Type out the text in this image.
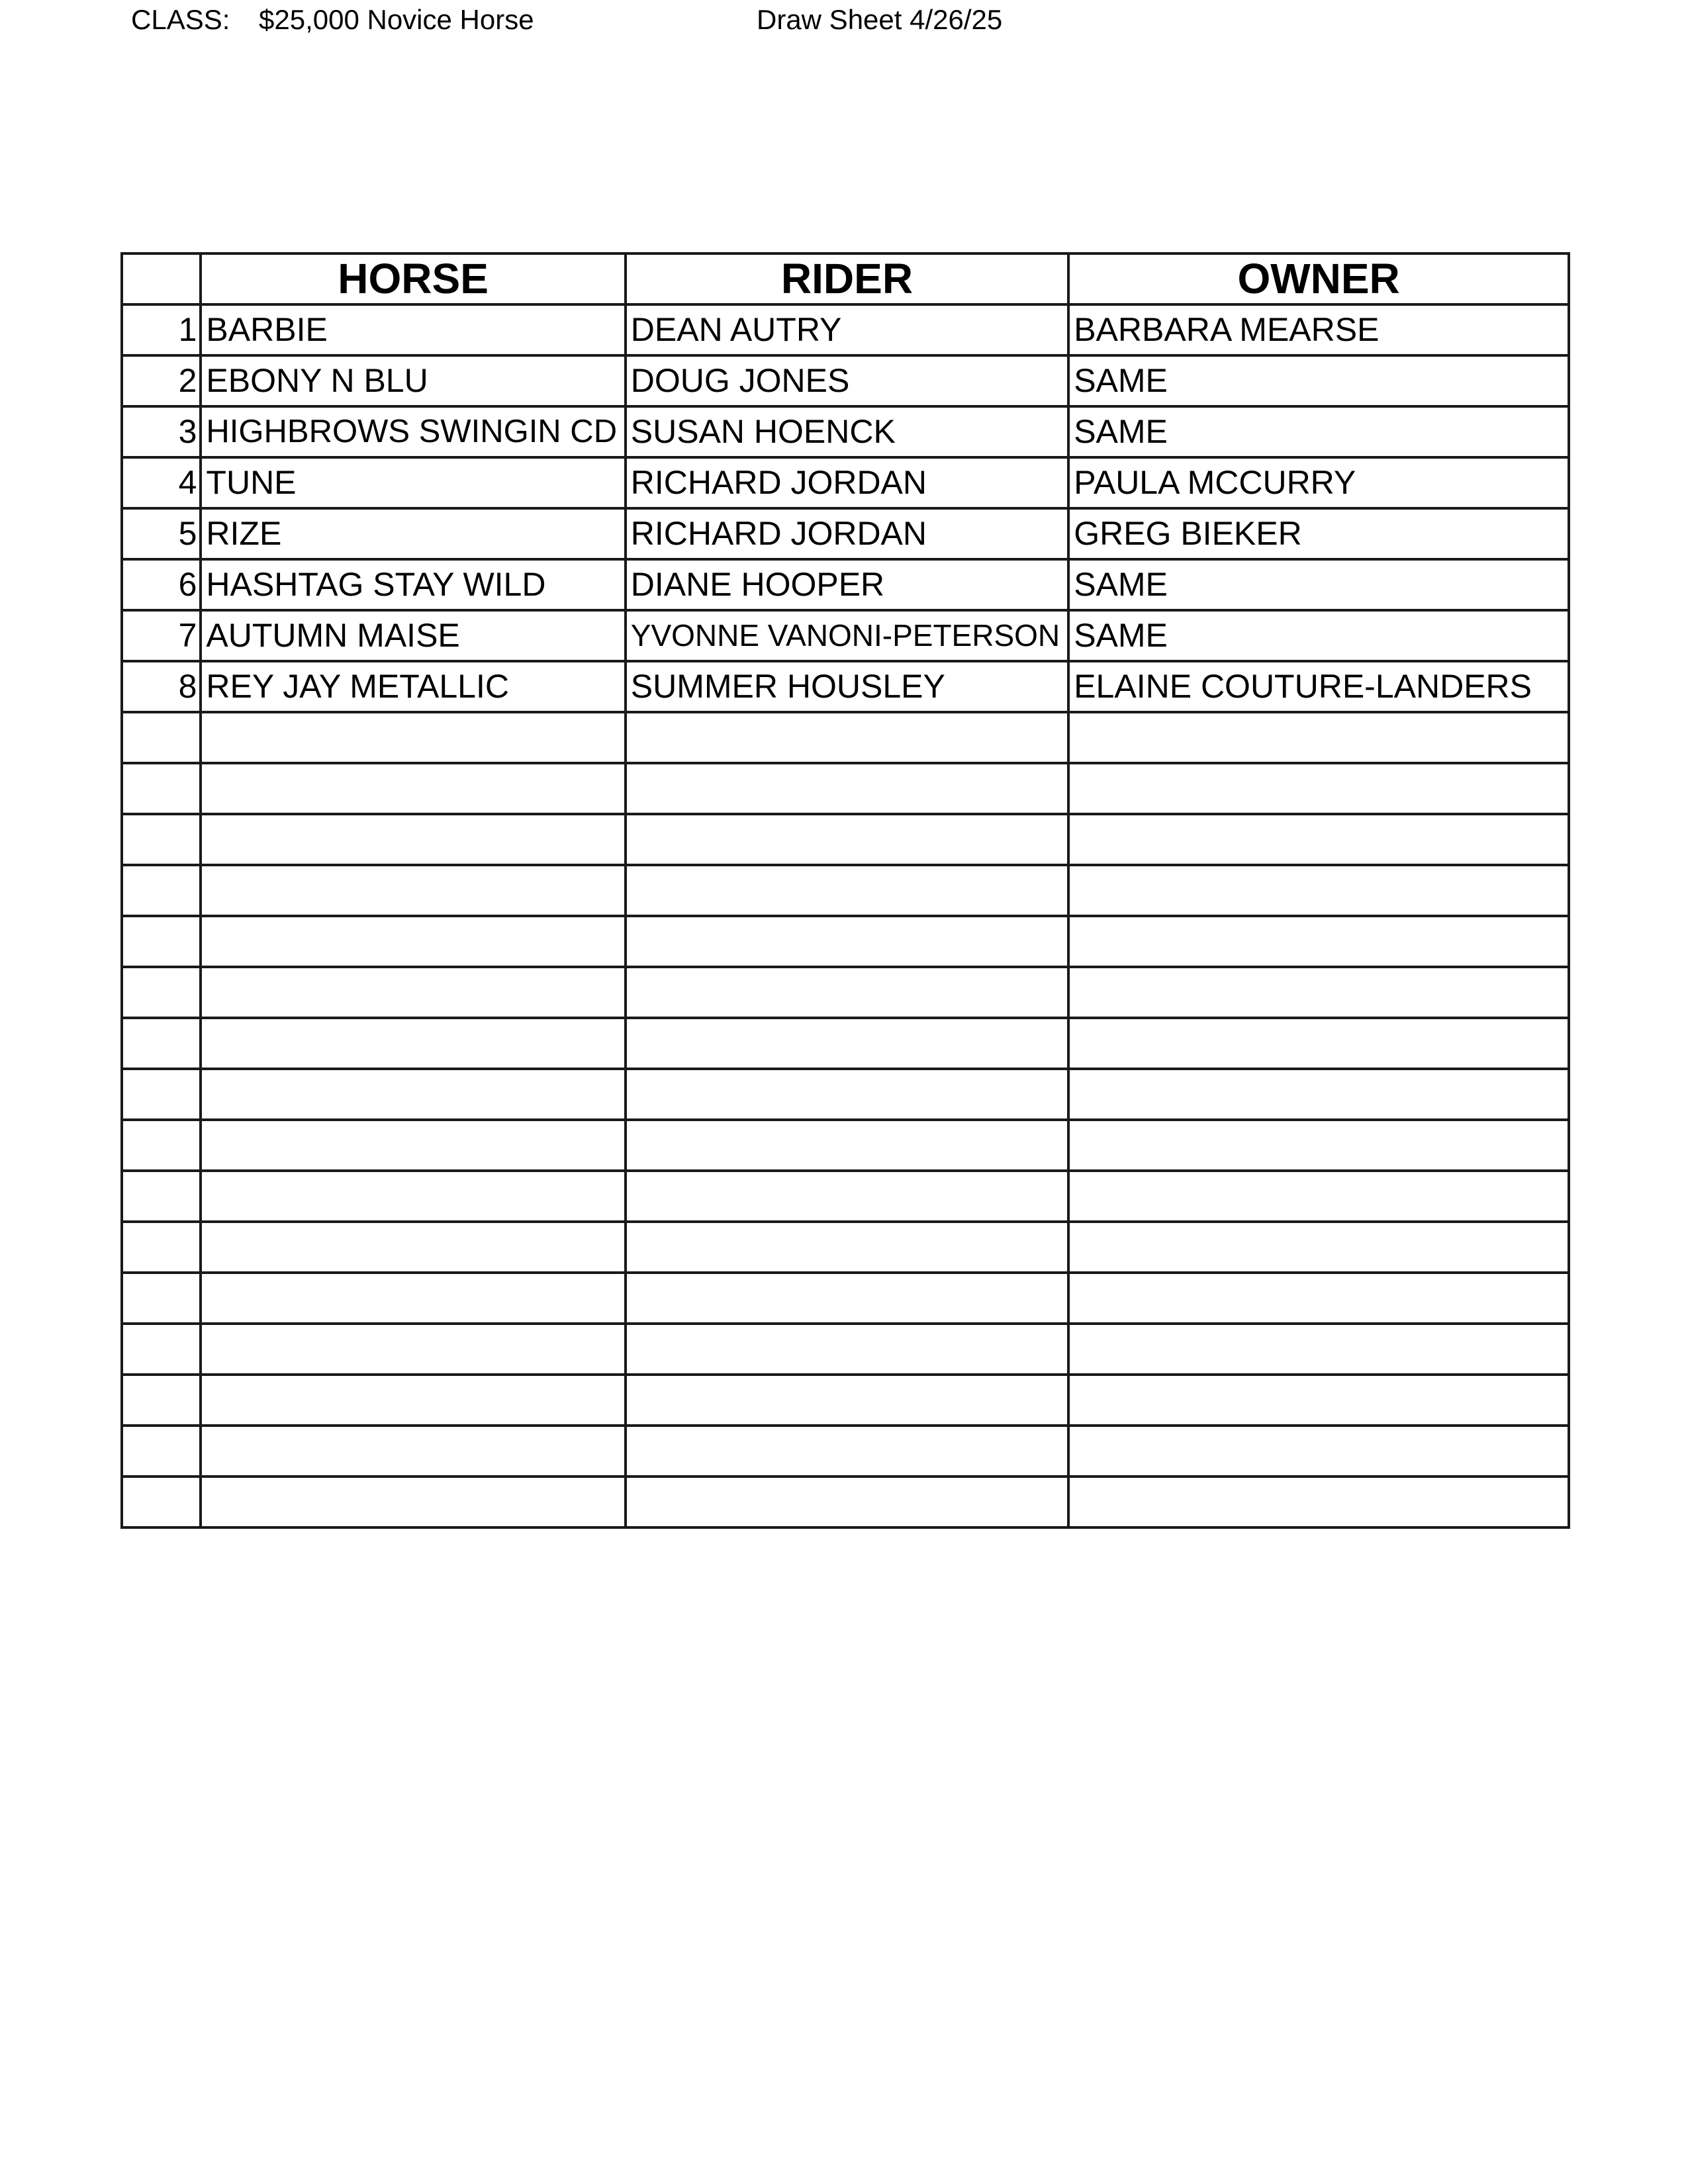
CLASS: $25,000 Novice Horse	Draw Sheet 4/26/25
	HORSE	RIDER	OWNER
1	BARBIE	DEAN AUTRY	BARBARA MEARSE
2	EBONY N BLU	DOUG JONES	SAME
3	HIGHBROWS SWINGIN CD	SUSAN HOENCK	SAME
4	TUNE	RICHARD JORDAN	PAULA MCCURRY
5	RIZE	RICHARD JORDAN	GREG BIEKER
6	HASHTAG STAY WILD	DIANE HOOPER	SAME
7	AUTUMN MAISE	YVONNE VANONI-PETERSON	SAME
8	REY JAY METALLIC	SUMMER HOUSLEY	ELAINE COUTURE-LANDERS
